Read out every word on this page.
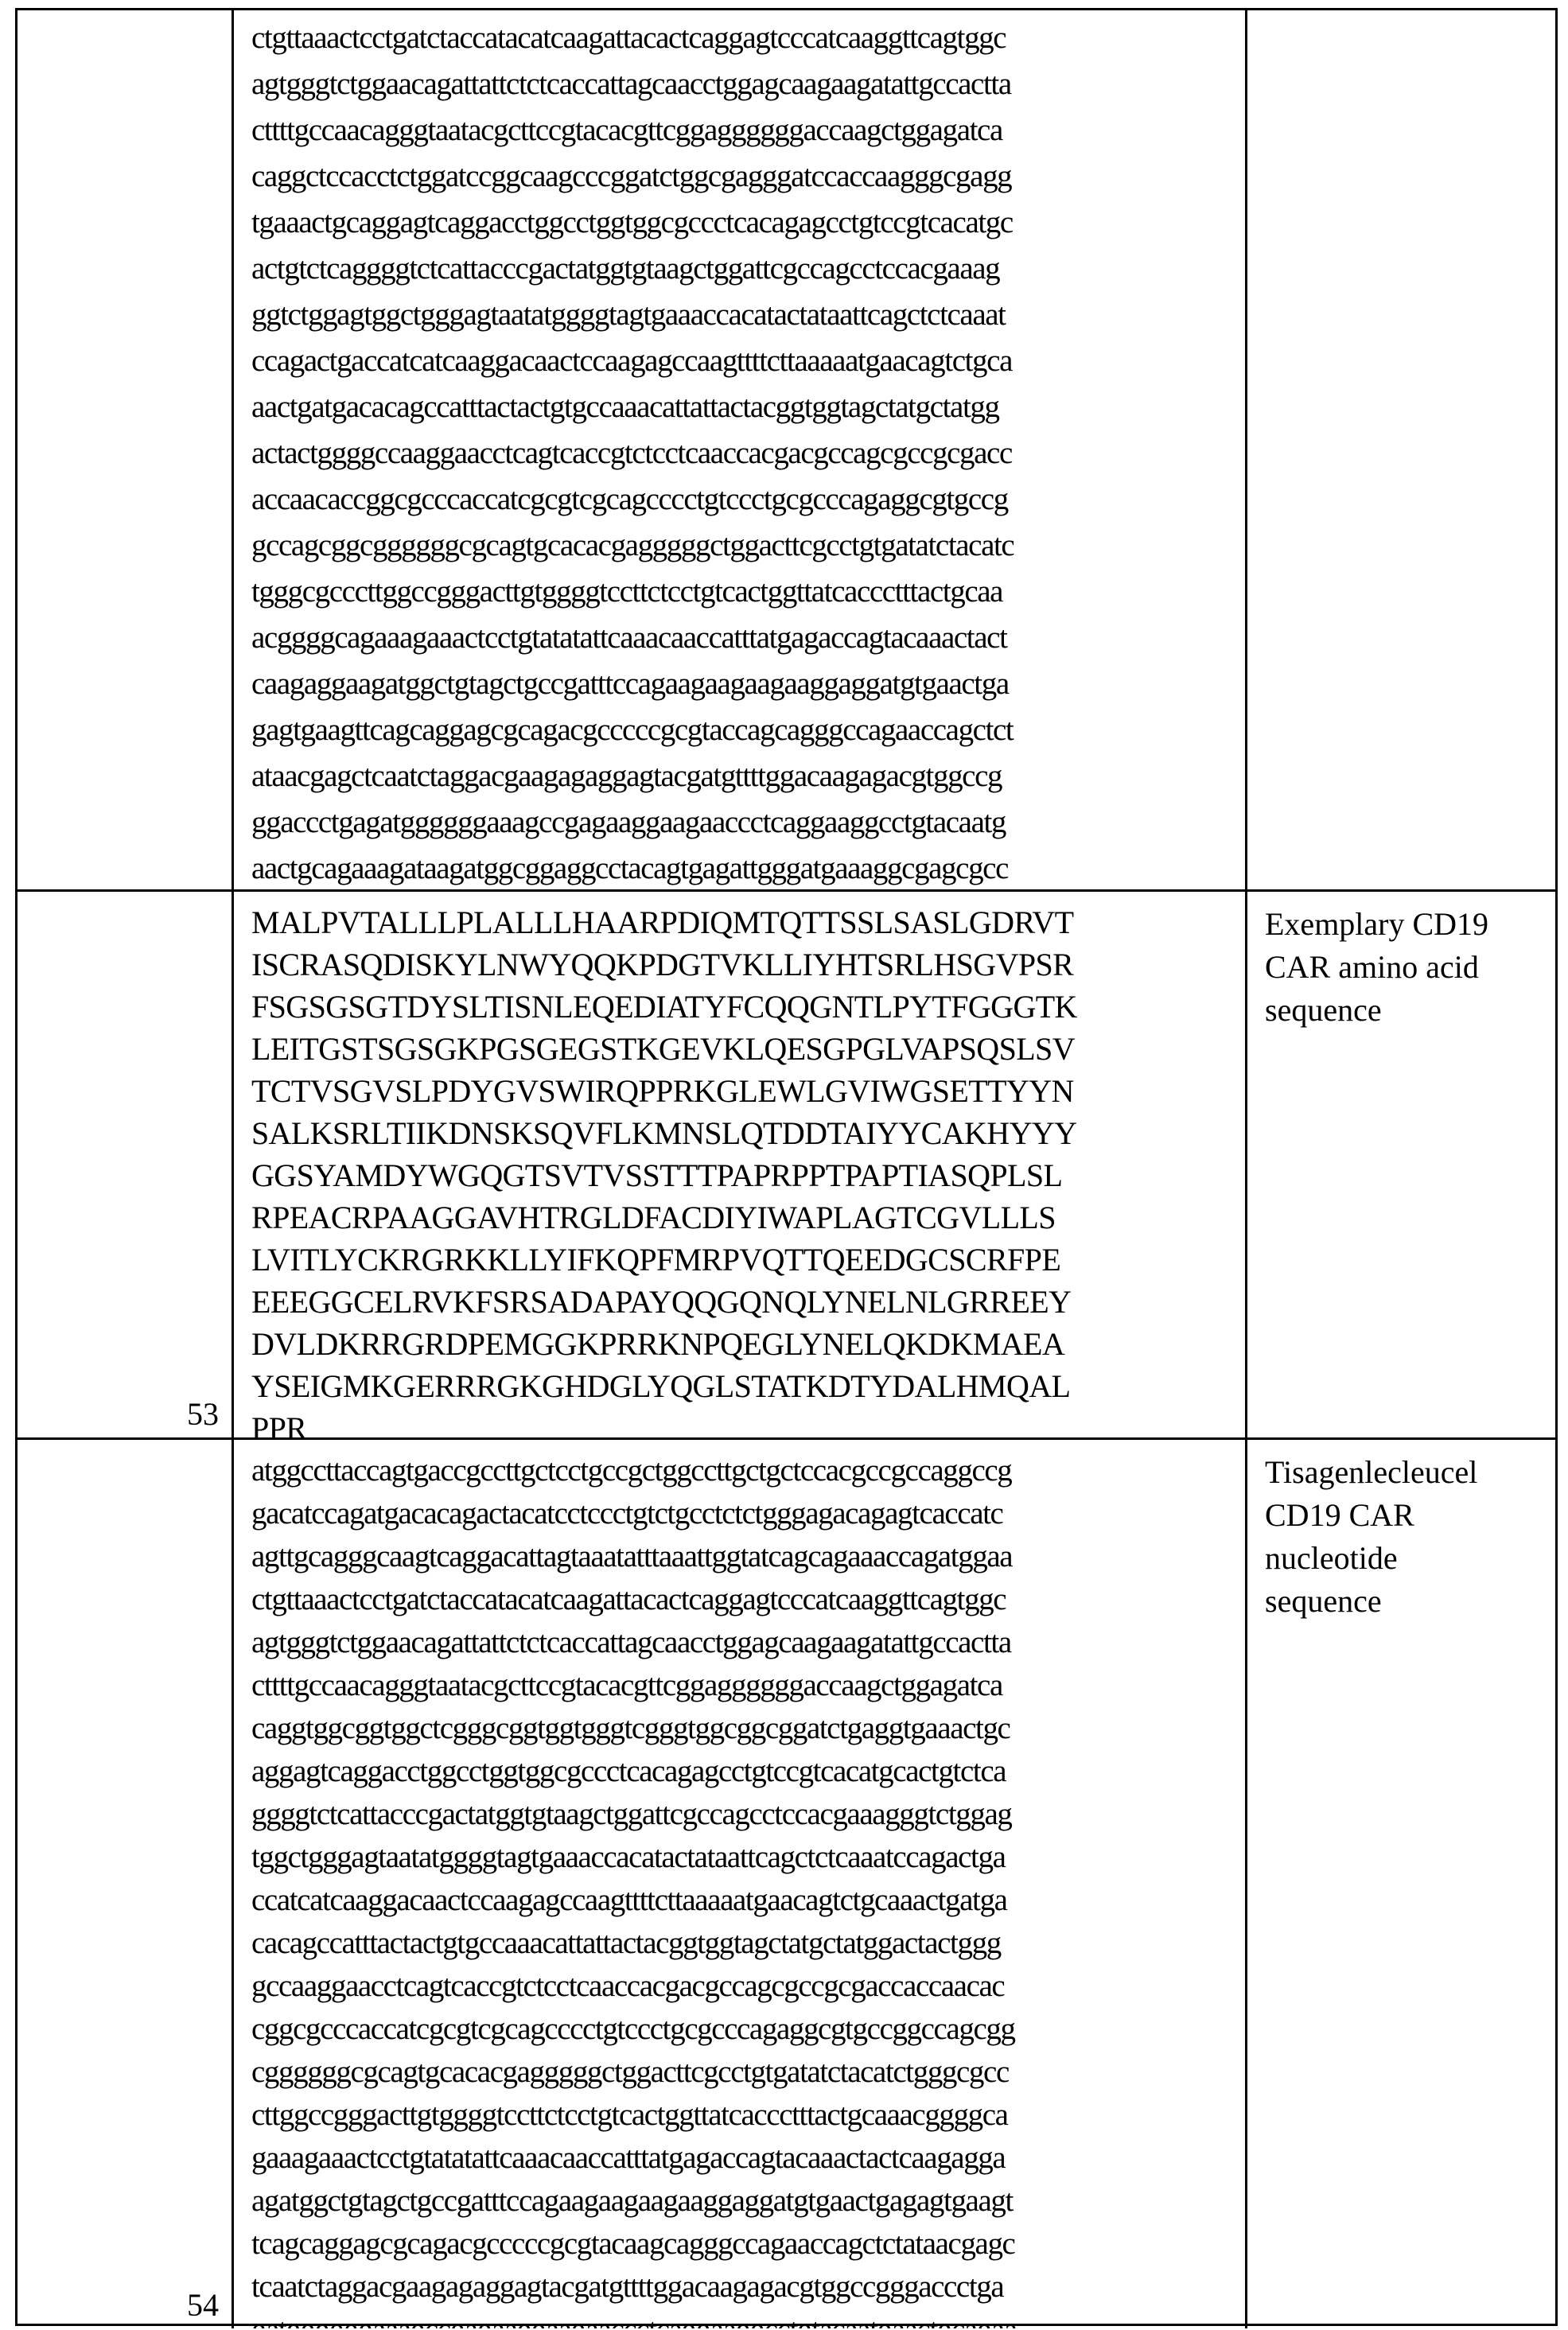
ctgttaaactcctgatctaccatacatcaagattacactcaggagtcccatcaaggttcagtggc
agtgggtctggaacagattattctctcaccattagcaacctggagcaagaagatattgccactta
cttttgccaacagggtaatacgcttccgtacacgttcggaggggggaccaagctggagatca
caggctccacctctggatccggcaagcccggatctggcgagggatccaccaagggcgagg
tgaaactgcaggagtcaggacctggcctggtggcgccctcacagagcctgtccgtcacatgc
actgtctcaggggtctcattacccgactatggtgtaagctggattcgccagcctccacgaaag
ggtctggagtggctgggagtaatatggggtagtgaaaccacatactataattcagctctcaaat
ccagactgaccatcatcaaggacaactccaagagccaagttttcttaaaaatgaacagtctgca
aactgatgacacagccatttactactgtgccaaacattattactacggtggtagctatgctatgg
actactggggccaaggaacctcagtcaccgtctcctcaaccacgacgccagcgccgcgacc
accaacaccggcgcccaccatcgcgtcgcagcccctgtccctgcgcccagaggcgtgccg
gccagcggcggggggcgcagtgcacacgagggggctggacttcgcctgtgatatctacatc
tgggcgcccttggccgggacttgtggggtccttctcctgtcactggttatcaccctttactgcaa
acggggcagaaagaaactcctgtatatattcaaacaaccatttatgagaccagtacaaactact
caagaggaagatggctgtagctgccgatttccagaagaagaagaaggaggatgtgaactga
gagtgaagttcagcaggagcgcagacgcccccgcgtaccagcagggccagaaccagctct
ataacgagctcaatctaggacgaagagaggagtacgatgttttggacaagagacgtggccg
ggaccctgagatggggggaaagccgagaaggaagaaccctcaggaaggcctgtacaatg
aactgcagaaagataagatggcggaggcctacagtgagattgggatgaaaggcgagcgcc
53
MALPVTALLLPLALLLHAARPDIQMTQTTSSLSASLGDRVT
ISCRASQDISKYLNWYQQKPDGTVKLLIYHTSRLHSGVPSR
FSGSGSGTDYSLTISNLEQEDIATYFCQQGNTLPYTFGGGTK
LEITGSTSGSGKPGSGEGSTKGEVKLQESGPGLVAPSQSLSV
TCTVSGVSLPDYGVSWIRQPPRKGLEWLGVIWGSETTYYN
SALKSRLTIIKDNSKSQVFLKMNSLQTDDTAIYYCAKHYYY
GGSYAMDYWGQGTSVTVSSTTTPAPRPPTPAPTIASQPLSL
RPEACRPAAGGAVHTRGLDFACDIYIWAPLAGTCGVLLLS
LVITLYCKRGRKKLLYIFKQPFMRPVQTTQEEDGCSCRFPE
EEEGGCELRVKFSRSADAPAYQQGQNQLYNELNLGRREEY
DVLDKRRGRDPEMGGKPRRKNPQEGLYNELQKDKMAEA
YSEIGMKGERRRGKGHDGLYQGLSTATKDTYDALHMQAL
PPR
Exemplary CD19
CAR amino acid
sequence
54
atggccttaccagtgaccgccttgctcctgccgctggccttgctgctccacgccgccaggccg
gacatccagatgacacagactacatcctccctgtctgcctctctgggagacagagtcaccatc
agttgcagggcaagtcaggacattagtaaatatttaaattggtatcagcagaaaccagatggaa
ctgttaaactcctgatctaccatacatcaagattacactcaggagtcccatcaaggttcagtggc
agtgggtctggaacagattattctctcaccattagcaacctggagcaagaagatattgccactta
cttttgccaacagggtaatacgcttccgtacacgttcggaggggggaccaagctggagatca
caggtggcggtggctcgggcggtggtgggtcgggtggcggcggatctgaggtgaaactgc
aggagtcaggacctggcctggtggcgccctcacagagcctgtccgtcacatgcactgtctca
ggggtctcattacccgactatggtgtaagctggattcgccagcctccacgaaagggtctggag
tggctgggagtaatatggggtagtgaaaccacatactataattcagctctcaaatccagactga
ccatcatcaaggacaactccaagagccaagttttcttaaaaatgaacagtctgcaaactgatga
cacagccatttactactgtgccaaacattattactacggtggtagctatgctatggactactggg
gccaaggaacctcagtcaccgtctcctcaaccacgacgccagcgccgcgaccaccaacac
cggcgcccaccatcgcgtcgcagcccctgtccctgcgcccagaggcgtgccggccagcgg
cggggggcgcagtgcacacgagggggctggacttcgcctgtgatatctacatctgggcgcc
cttggccgggacttgtggggtccttctcctgtcactggttatcaccctttactgcaaacggggca
gaaagaaactcctgtatatattcaaacaaccatttatgagaccagtacaaactactcaagagga
agatggctgtagctgccgatttccagaagaagaagaaggaggatgtgaactgagagtgaagt
tcagcaggagcgcagacgcccccgcgtacaagcagggccagaaccagctctataacgagc
tcaatctaggacgaagagaggagtacgatgttttggacaagagacgtggccgggaccctga
Tisagenlecleucel
CD19 CAR
nucleotide
sequence
